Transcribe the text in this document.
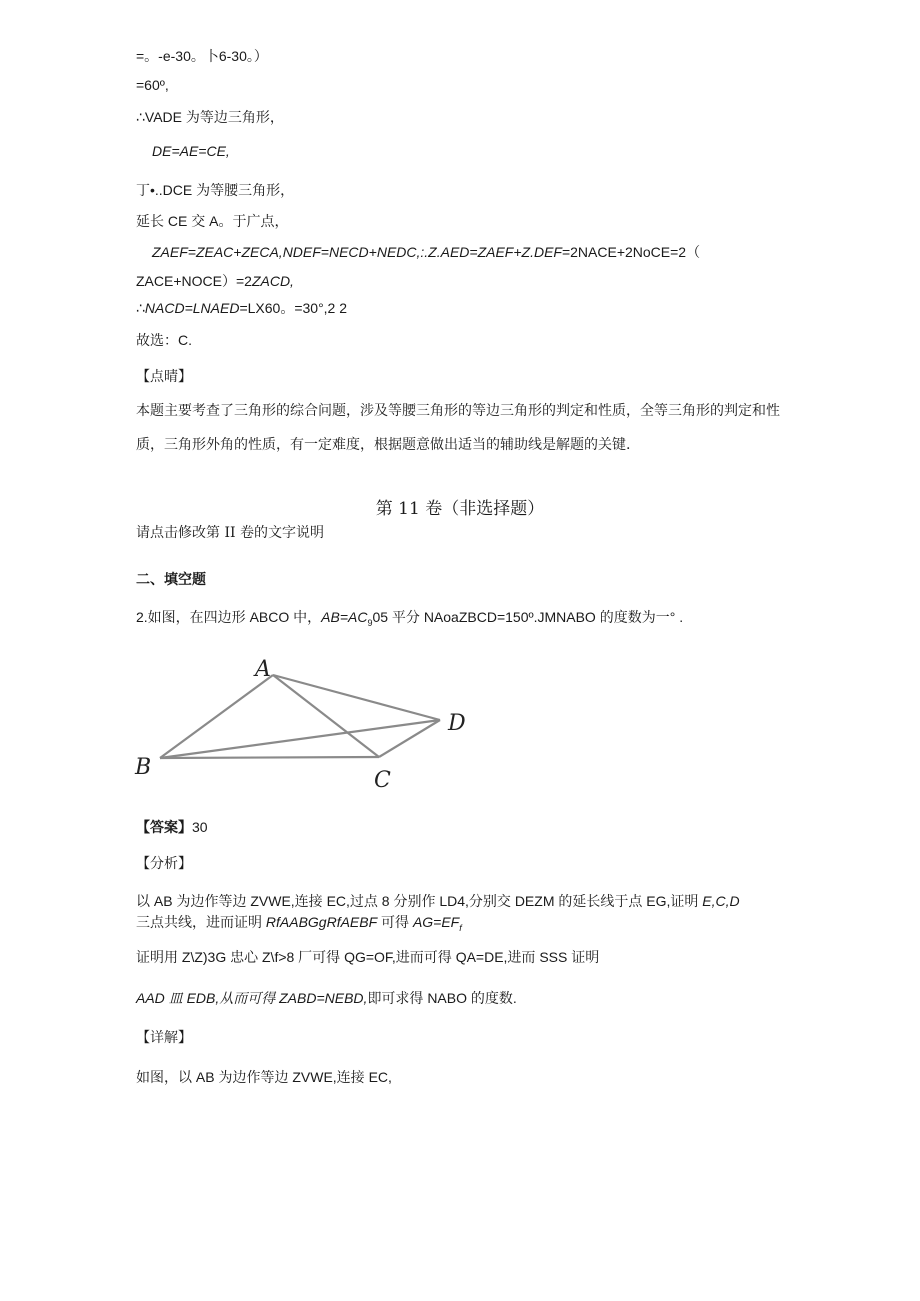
=。-e-30。卜6-30。）
=60º,
∴VADE 为等边三角形，
DE=AE=CE,
丁•..DCE 为等腰三角形，
延长 CE 交 A。于广点，
ZAEF=ZEAC+ZECA,NDEF=NECD+NEDC,:.Z.AED=ZAEF+Z.DEF=2NACE+2NoCE=2（
ZACE+NOCE）=2ZACD,
∴NACD=LNAED=LX60。=30°,2 2
故选：C.
【点晴】
本题主要考查了三角形的综合问题，涉及等腰三角形的等边三角形的判定和性质，全等三角形的判定和性质，三角形外角的性质，有一定难度，根据题意做出适当的辅助线是解题的关键.
第 11 卷（非选择题）
请点击修改第 II 卷的文字说明
二、填空题
2.如图，在四边形 ABCO 中，$AB=AC_905$ 平分 NAoaZBCD=150º.JMNABO 的度数为一° .
A
B
C
D
【答案】30
【分析】
以 AB 为边作等边 ZVWE,连接 EC,过点 8 分别作 LD4,分别交 DEZM 的延长线于点 EG,证明 E,C,D
三点共线，进而证明 RfAABGgRfAEBF 可得 $AG=EF_f$
证明用 Z\Z)3G 忠心 Z\f>8 厂可得 QG=OF,进而可得 QA=DE,进而 SSS 证明
AAD 皿 EDB,从而可得 ZABD=NEBD,即可求得 NABO 的度数.
【详解】
如图，以 AB 为边作等边 ZVWE,连接 EC,
